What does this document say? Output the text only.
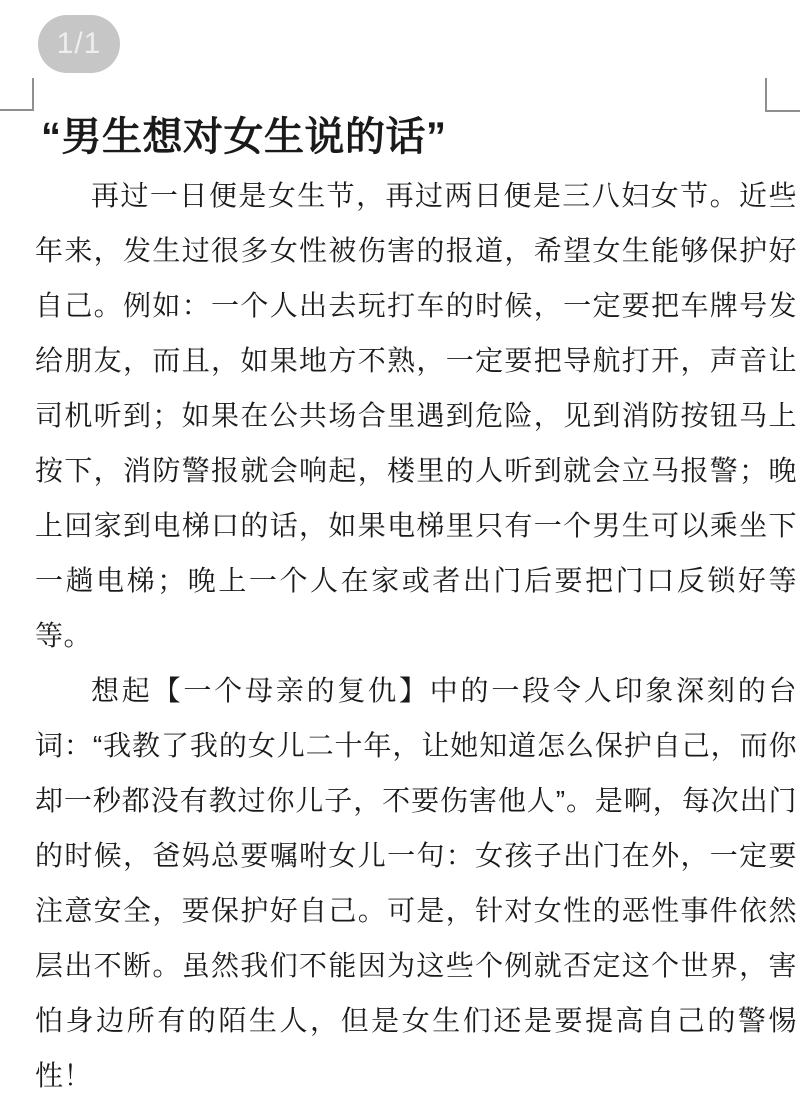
1/1
“男生想对女生说的话”

再过一日便是女生节，再过两日便是三八妇女节。近些年来，发生过很多女性被伤害的报道，希望女生能够保护好自己。例如：一个人出去玩打车的时候，一定要把车牌号发给朋友，而且，如果地方不熟，一定要把导航打开，声音让司机听到；如果在公共场合里遇到危险，见到消防按钮马上按下，消防警报就会响起，楼里的人听到就会立马报警；晚上回家到电梯口的话，如果电梯里只有一个男生可以乘坐下一趟电梯；晚上一个人在家或者出门后要把门口反锁好等等。

想起【一个母亲的复仇】中的一段令人印象深刻的台词：“我教了我的女儿二十年，让她知道怎么保护自己，而你却一秒都没有教过你儿子，不要伤害他人”。是啊，每次出门的时候，爸妈总要嘱咐女儿一句：女孩子出门在外，一定要注意安全，要保护好自己。可是，针对女性的恶性事件依然层出不断。虽然我们不能因为这些个例就否定这个世界，害怕身边所有的陌生人，但是女生们还是要提高自己的警惕性！
